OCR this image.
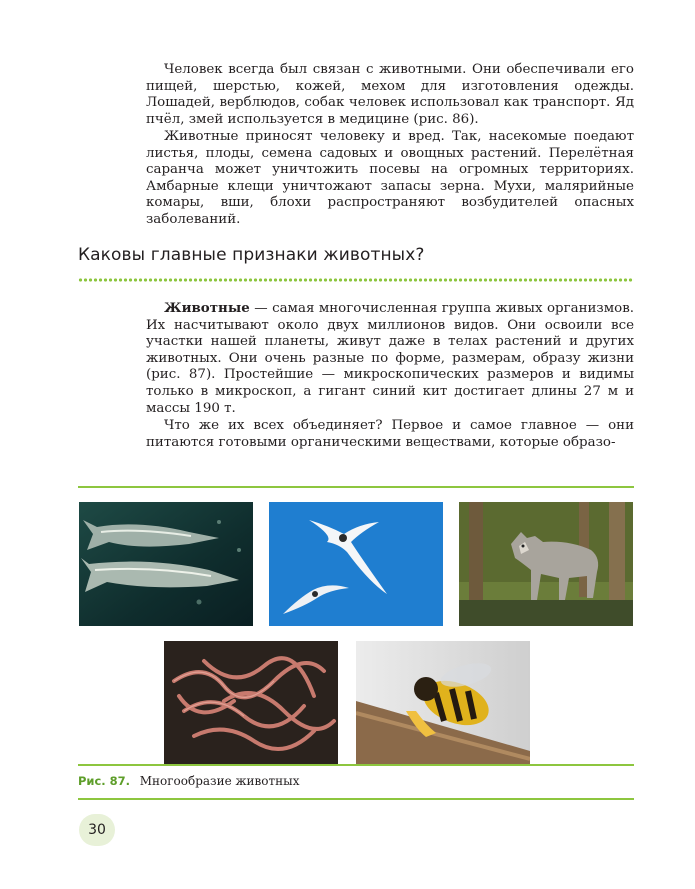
Человек всегда был связан с животными. Они обеспечивали его пищей, шерстью, кожей, мехом для изготовления одежды. Лошадей, верблюдов, собак человек использовал как транспорт. Яд пчёл, змей используется в медицине (рис. 86).

Животные приносят человеку и вред. Так, насекомые поедают листья, плоды, семена садовых и овощных растений. Перелётная саранча может уничтожить посевы на огромных территориях. Амбарные клещи уничтожают запасы зерна. Мухи, малярийные комары, вши, блохи распространяют возбудителей опасных заболеваний.

Каковы главные признаки животных?

Животные — самая многочисленная группа живых организмов. Их насчитывают около двух миллионов видов. Они освоили все участки нашей планеты, живут даже в телах растений и других животных. Они очень разные по форме, размерам, образу жизни (рис. 87). Простейшие — микроскопических размеров и видимы только в микроскоп, а гигант синий кит достигает длины 27 м и массы 190 т.

Что же их всех объединяет? Первое и самое главное — они питаются готовыми органическими веществами, которые образо-

Рис. 87. Многообразие животных
30
